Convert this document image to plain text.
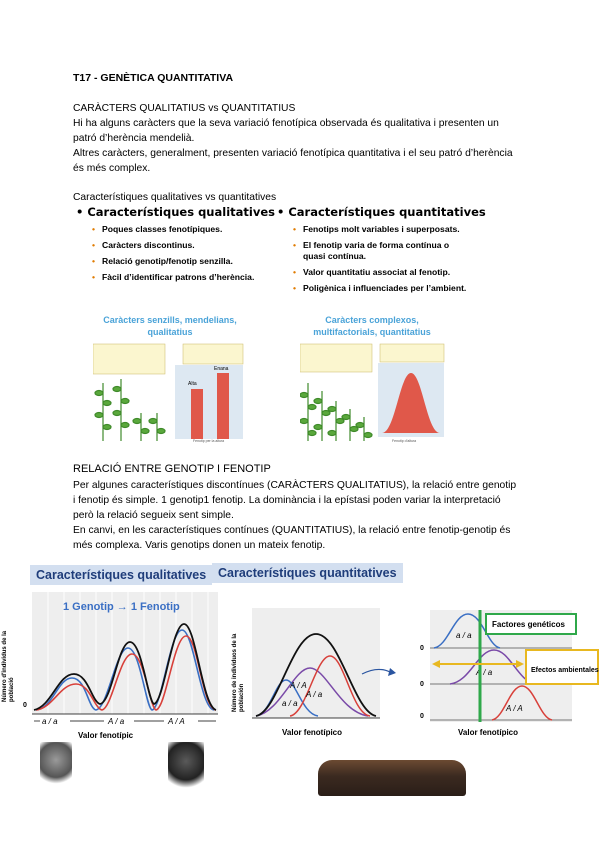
T17 - GENÈTICA QUANTITATIVA
CARÀCTERS QUALITATIUS vs QUANTITATIUS

Hi ha alguns caràcters que la seva variació fenotípica observada és qualitativa i presenten un patró d’herència mendelià.

Altres caràcters, generalment, presenten variació fenotípica quantitativa i el seu patró d’herència és més complex.

Característiques qualitatives vs quantitatives
• Característiques qualitatives
• Poques classes fenotípiques.
• Caràcters discontinus.
• Relació genotip/fenotip senzilla.
• Fàcil d’identificar patrons d’herència.
Caràcters senzills, mendelians, qualitatius
Alta
Enana
Fenotip per la altura
• Característiques quantitatives
• Fenotips molt variables i superposats.
• El fenotip varia de forma contínua o quasi contínua.
• Valor quantitatiu associat al fenotip.
• Poligènica i influenciades per l’ambient.
Caràcters complexos, multifactorials, quantitatius
Fenotip d’altura
RELACIÓ ENTRE GENOTIP I FENOTIP

Per algunes característiques discontínues (CARÀCTERS QUALITATIUS), la relació entre genotip i fenotip és simple. 1 genotip1 fenotip. La dominància i la epístasi poden variar la interpretació però la relació segueix sent simple.

En canvi, en les característiques contínues (QUANTITATIUS), la relació entre fenotip-genotip és més complexa. Varis genotips donen un mateix fenotip.

Característiques qualitatives
1 Genotip → 1 Fenotip
0
a / a	A / a	A / A
Valor fenotípic
Número d'individus de la població
Característiques quantitatives
a / a
A / a
A / A
Valor fenotípico
a / a
A / a
A / A
0
0
0
Factores genéticos
Efectos ambientales
Valor fenotípico
Número de individuos de la población
